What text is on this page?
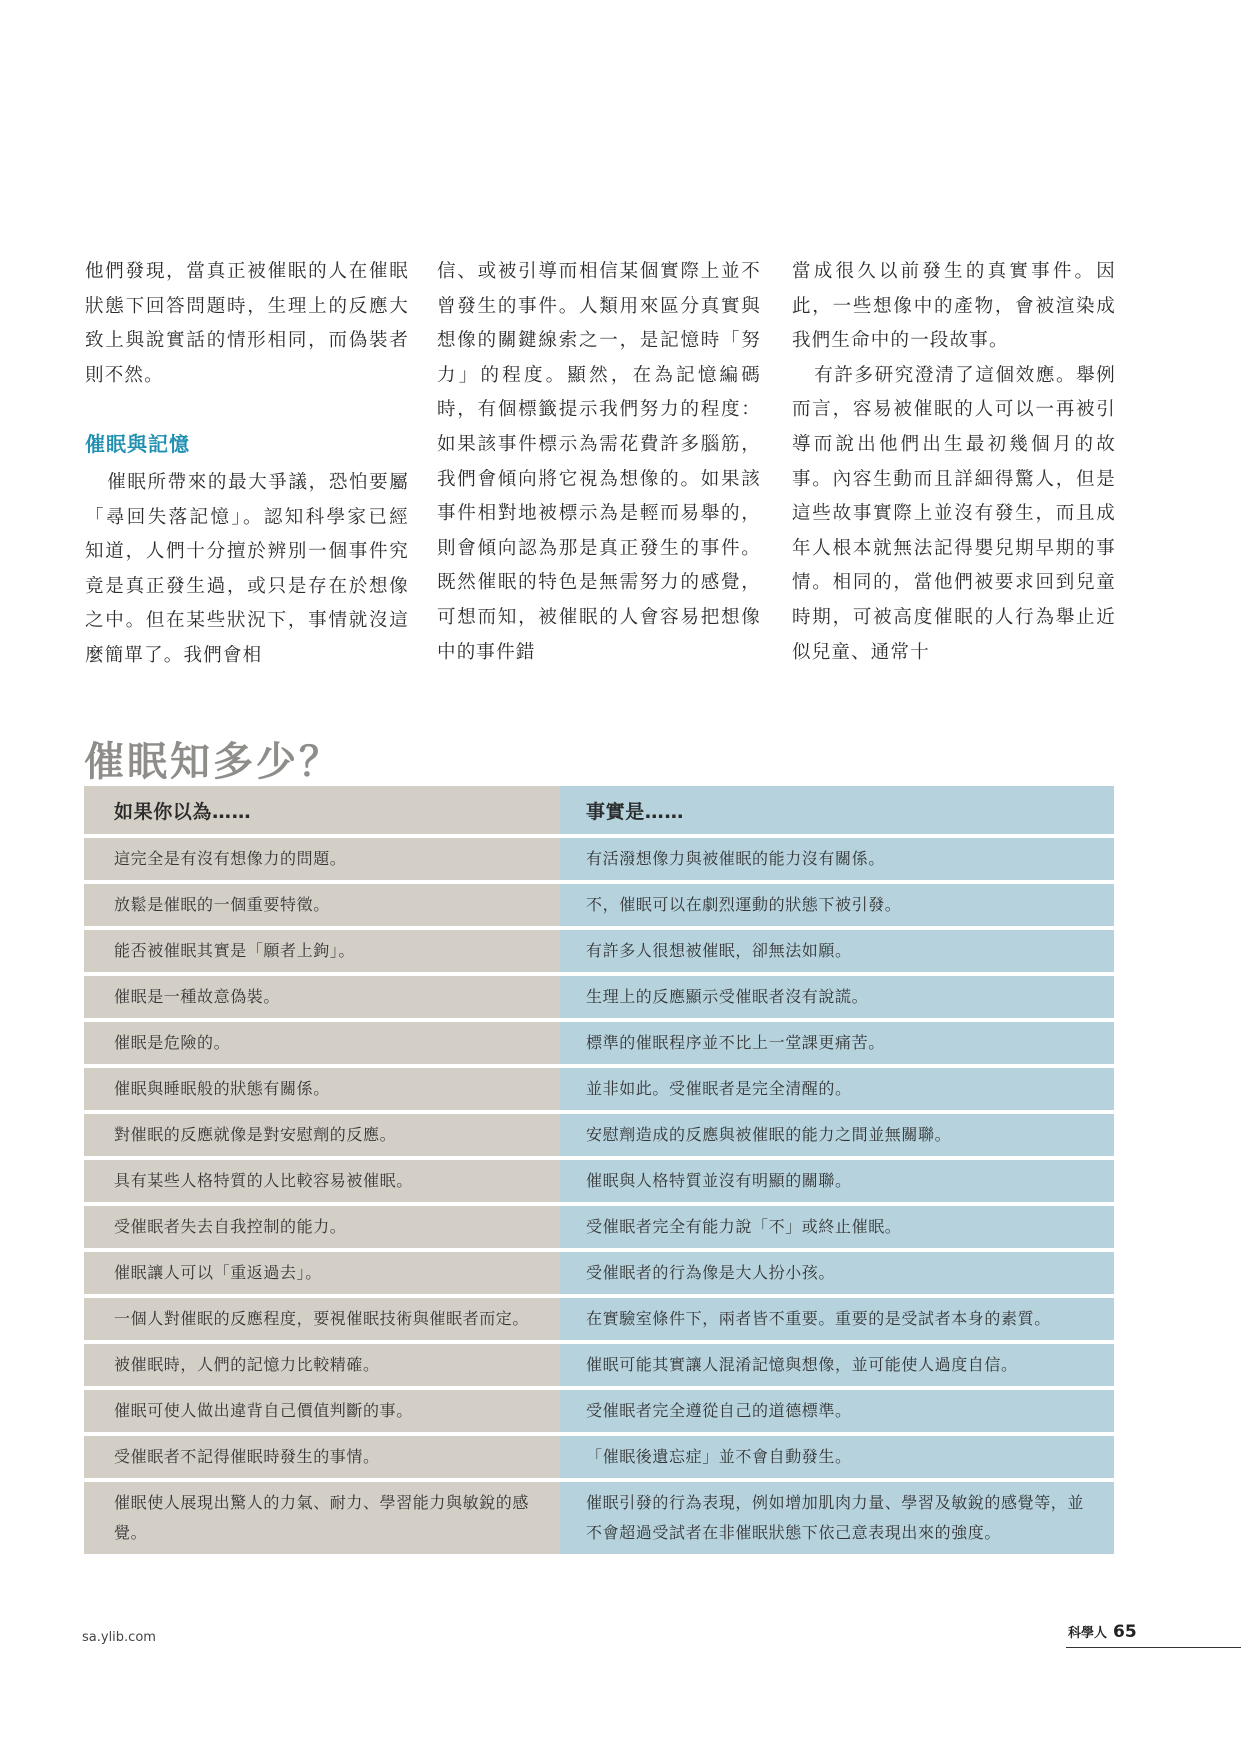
他們發現，當真正被催眠的人在催眠狀態下回答問題時，生理上的反應大致上與說實話的情形相同，而偽裝者則不然。

催眠與記憶

催眠所帶來的最大爭議，恐怕要屬「尋回失落記憶」。認知科學家已經知道，人們十分擅於辨別一個事件究竟是真正發生過，或只是存在於想像之中。但在某些狀況下，事情就沒這麼簡單了。我們會相

信、或被引導而相信某個實際上並不曾發生的事件。人類用來區分真實與想像的關鍵線索之一，是記憶時「努力」的程度。顯然，在為記憶編碼時，有個標籤提示我們努力的程度：如果該事件標示為需花費許多腦筋，我們會傾向將它視為想像的。如果該事件相對地被標示為是輕而易舉的，則會傾向認為那是真正發生的事件。既然催眠的特色是無需努力的感覺，可想而知，被催眠的人會容易把想像中的事件錯

當成很久以前發生的真實事件。因此，一些想像中的產物，會被渲染成我們生命中的一段故事。

有許多研究澄清了這個效應。舉例而言，容易被催眠的人可以一再被引導而說出他們出生最初幾個月的故事。內容生動而且詳細得驚人，但是這些故事實際上並沒有發生，而且成年人根本就無法記得嬰兒期早期的事情。相同的，當他們被要求回到兒童時期，可被高度催眠的人行為舉止近似兒童、通常十

催眠知多少？
如果你以為……	事實是……
這完全是有沒有想像力的問題。	有活潑想像力與被催眠的能力沒有關係。
放鬆是催眠的一個重要特徵。	不，催眠可以在劇烈運動的狀態下被引發。
能否被催眠其實是「願者上鉤」。	有許多人很想被催眠，卻無法如願。
催眠是一種故意偽裝。	生理上的反應顯示受催眠者沒有說謊。
催眠是危險的。	標準的催眠程序並不比上一堂課更痛苦。
催眠與睡眠般的狀態有關係。	並非如此。受催眠者是完全清醒的。
對催眠的反應就像是對安慰劑的反應。	安慰劑造成的反應與被催眠的能力之間並無關聯。
具有某些人格特質的人比較容易被催眠。	催眠與人格特質並沒有明顯的關聯。
受催眠者失去自我控制的能力。	受催眠者完全有能力說「不」或終止催眠。
催眠讓人可以「重返過去」。	受催眠者的行為像是大人扮小孩。
一個人對催眠的反應程度，要視催眠技術與催眠者而定。	在實驗室條件下，兩者皆不重要。重要的是受試者本身的素質。
被催眠時，人們的記憶力比較精確。	催眠可能其實讓人混淆記憶與想像，並可能使人過度自信。
催眠可使人做出違背自己價值判斷的事。	受催眠者完全遵從自己的道德標準。
受催眠者不記得催眠時發生的事情。	「催眠後遺忘症」並不會自動發生。
催眠使人展現出驚人的力氣、耐力、學習能力與敏銳的感覺。	催眠引發的行為表現，例如增加肌肉力量、學習及敏銳的感覺等，並不會超過受試者在非催眠狀態下依己意表現出來的強度。
sa.ylib.com	科學人 65
